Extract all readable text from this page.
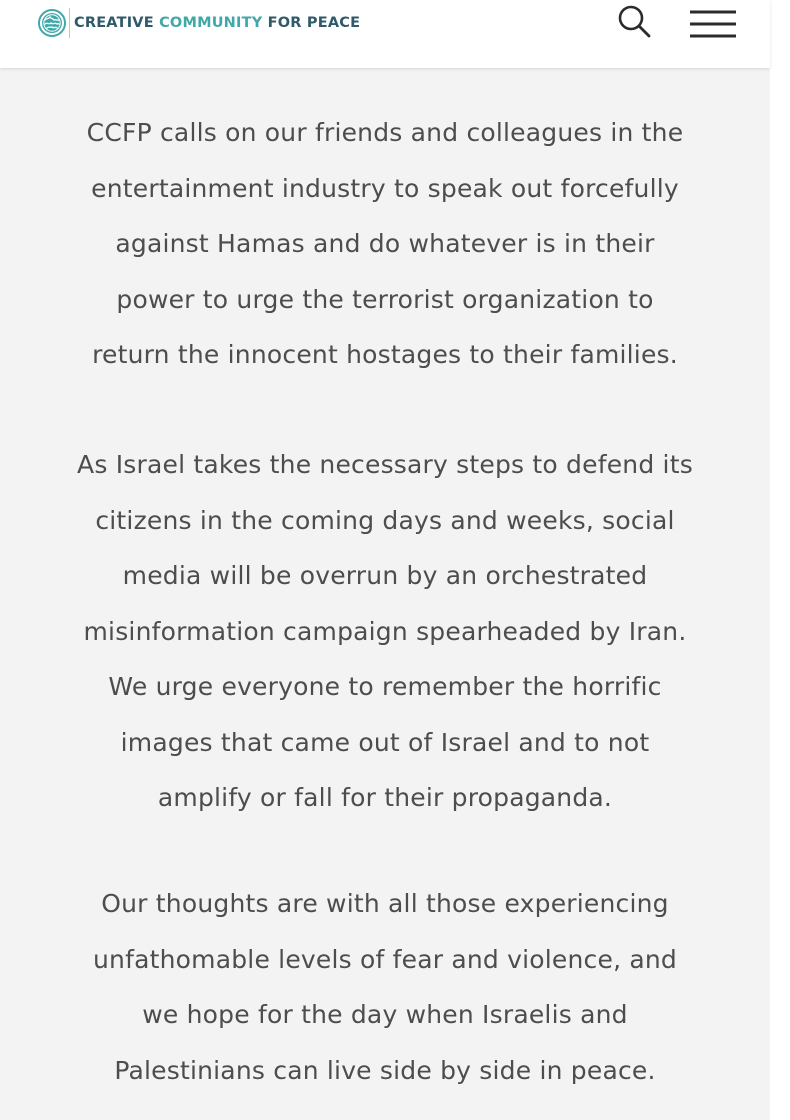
CREATIVE COMMUNITY FOR PEACE
CCFP calls on our friends and colleagues in the
entertainment industry to speak out forcefully
against Hamas and do whatever is in their
power to urge the terrorist organization to
return the innocent hostages to their families.
As Israel takes the necessary steps to defend its
citizens in the coming days and weeks, social
media will be overrun by an orchestrated
misinformation campaign spearheaded by Iran.
We urge everyone to remember the horrific
images that came out of Israel and to not
amplify or fall for their propaganda.
Our thoughts are with all those experiencing
unfathomable levels of fear and violence, and
we hope for the day when Israelis and
Palestinians can live side by side in peace.
